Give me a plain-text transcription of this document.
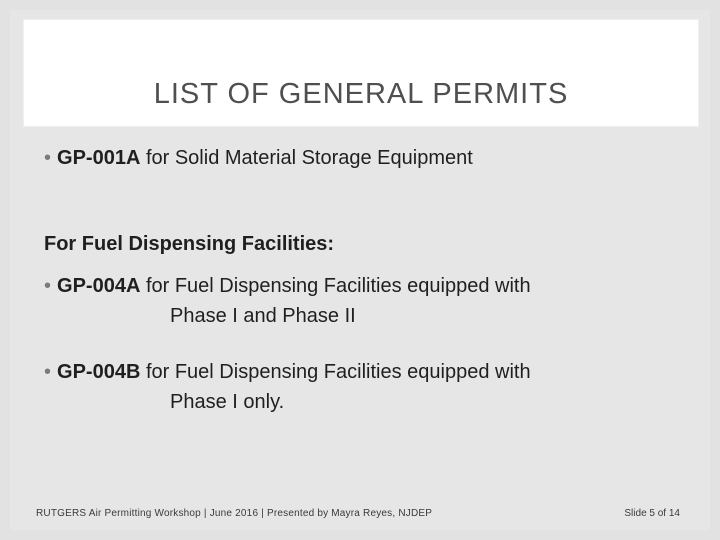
LIST OF GENERAL PERMITS
• GP-001A for Solid Material Storage Equipment
For Fuel Dispensing Facilities:
• GP-004A for Fuel Dispensing Facilities equipped with
Phase I and Phase II
• GP-004B for Fuel Dispensing Facilities equipped with
Phase I only.
RUTGERS Air Permitting Workshop | June 2016 | Presented by Mayra Reyes, NJDEP	Slide 5 of 14
